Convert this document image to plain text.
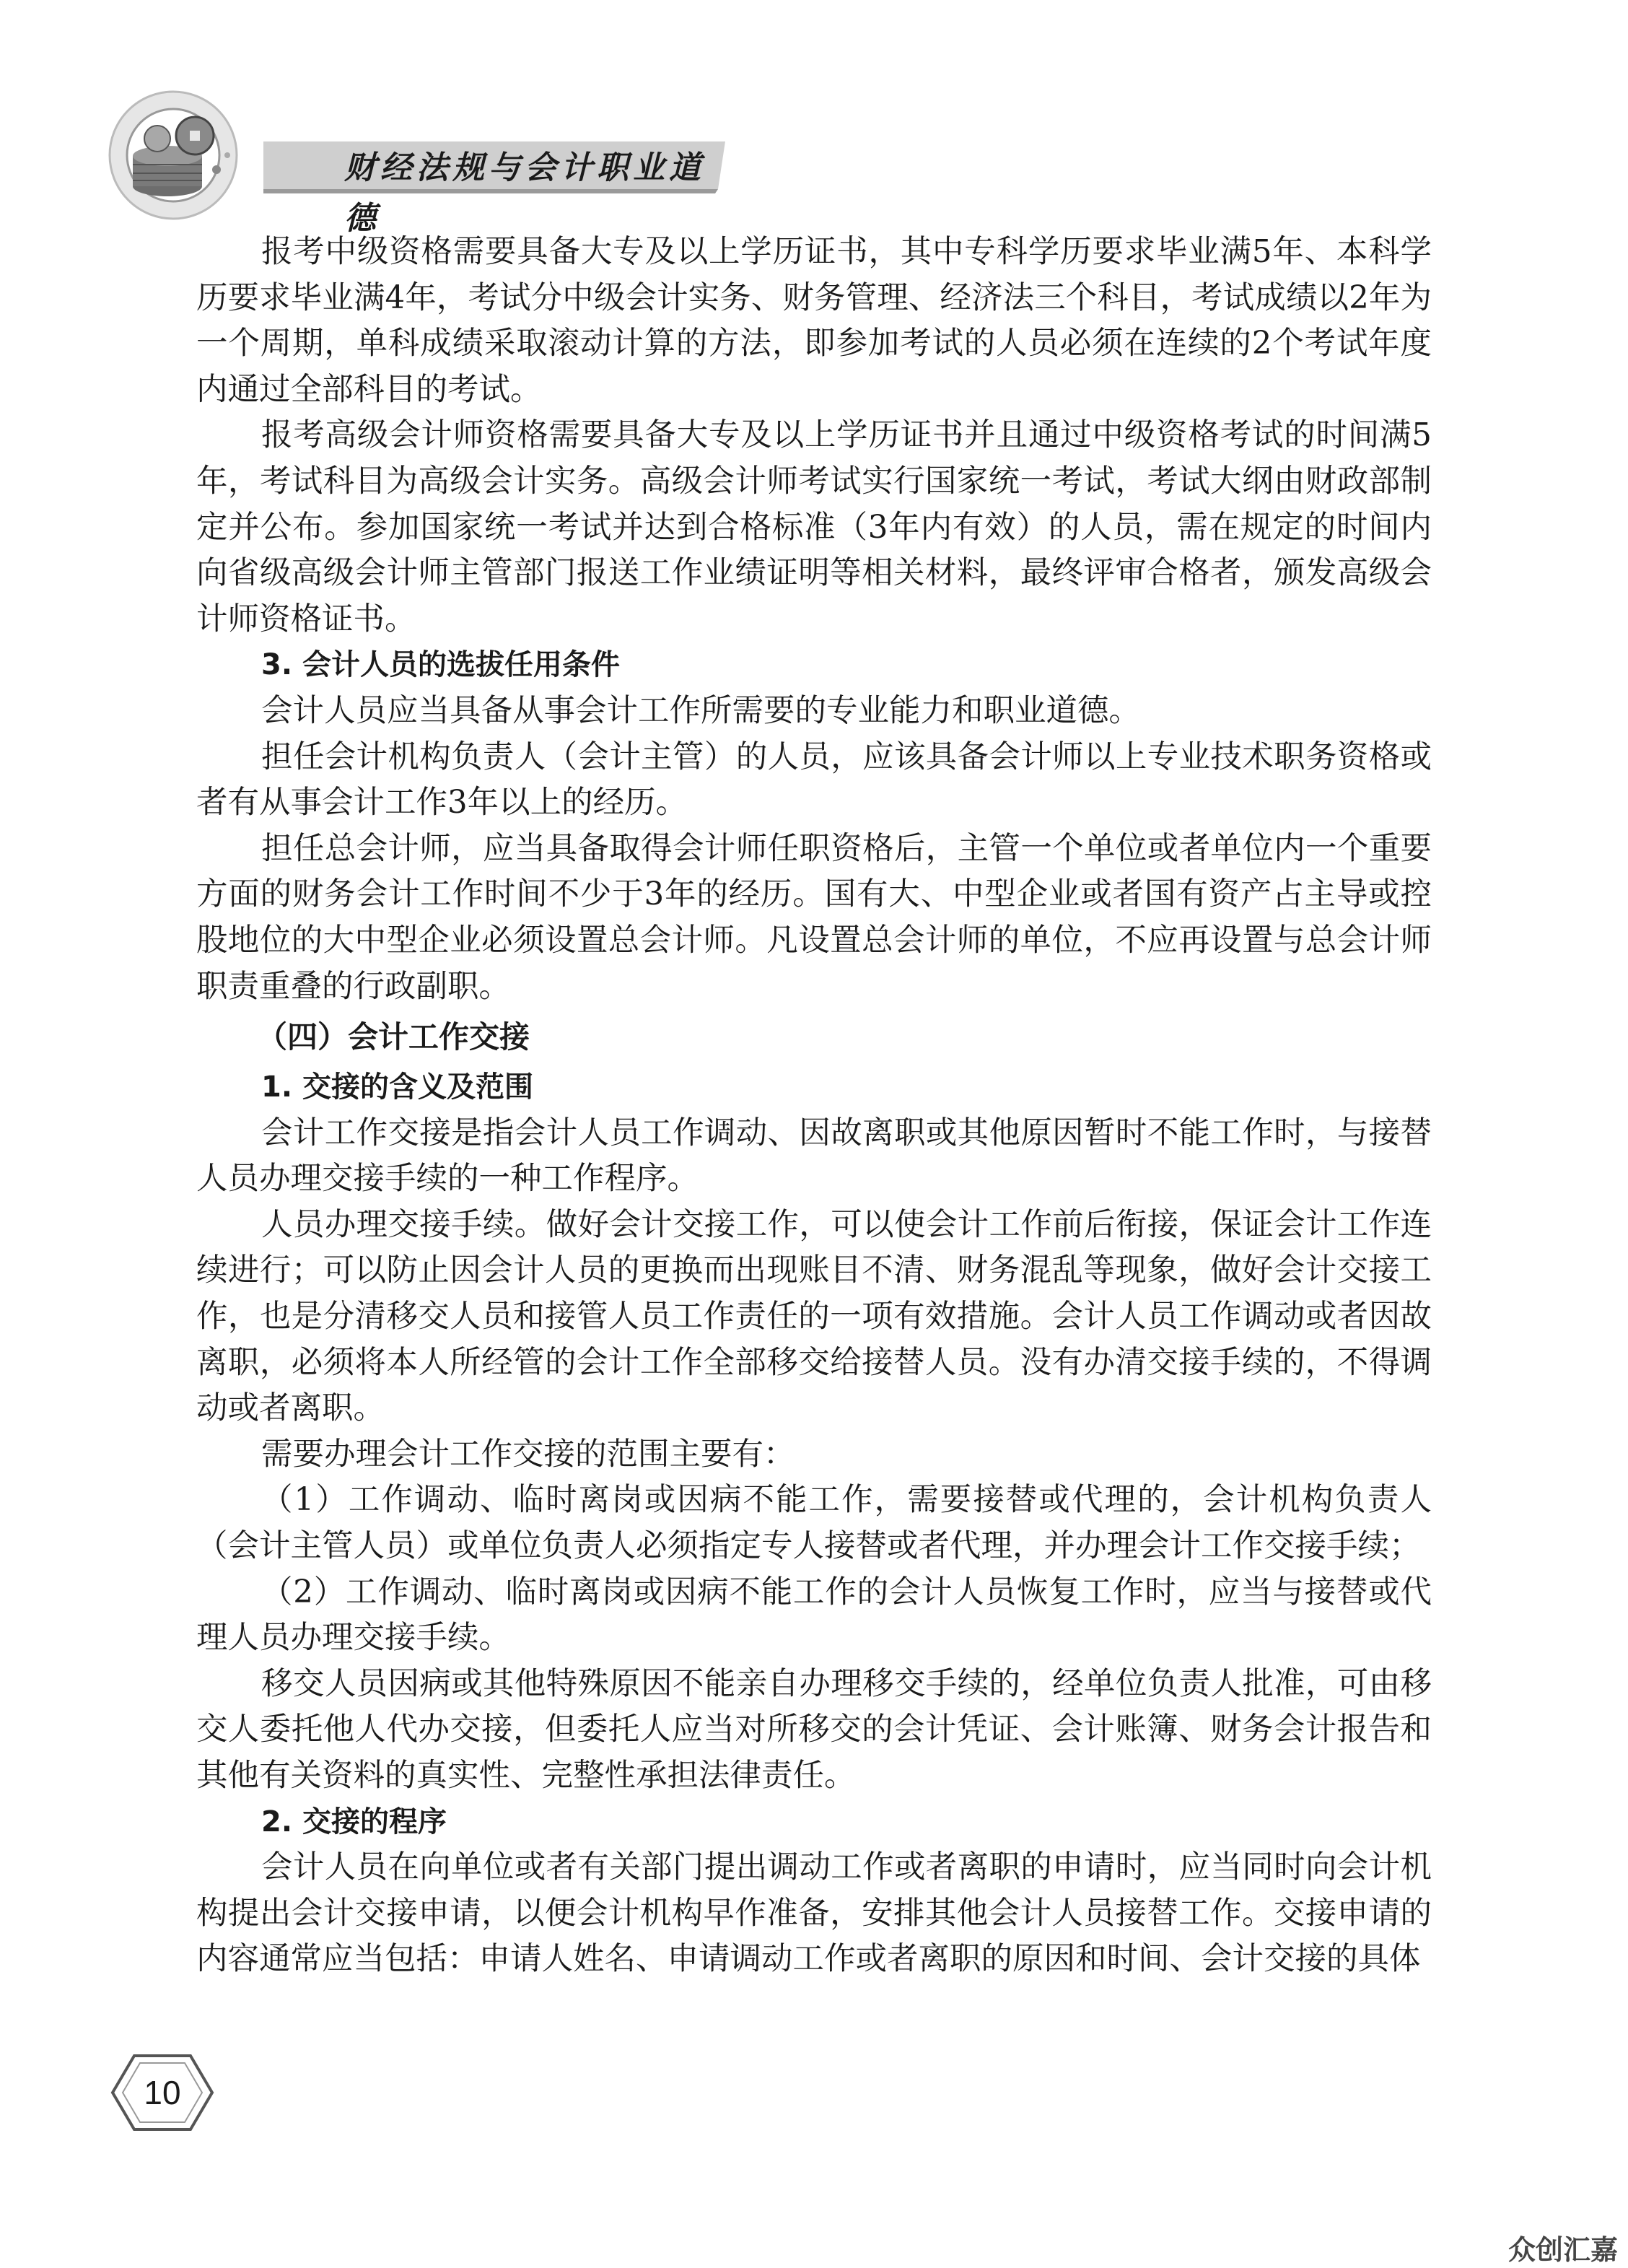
财经法规与会计职业道德

报考中级资格需要具备大专及以上学历证书，其中专科学历要求毕业满5年、本科学历要求毕业满4年，考试分中级会计实务、财务管理、经济法三个科目，考试成绩以2年为一个周期，单科成绩采取滚动计算的方法，即参加考试的人员必须在连续的2个考试年度内通过全部科目的考试。

报考高级会计师资格需要具备大专及以上学历证书并且通过中级资格考试的时间满5年，考试科目为高级会计实务。高级会计师考试实行国家统一考试，考试大纲由财政部制定并公布。参加国家统一考试并达到合格标准（3年内有效）的人员，需在规定的时间内向省级高级会计师主管部门报送工作业绩证明等相关材料，最终评审合格者，颁发高级会计师资格证书。

3. 会计人员的选拔任用条件

会计人员应当具备从事会计工作所需要的专业能力和职业道德。

担任会计机构负责人（会计主管）的人员，应该具备会计师以上专业技术职务资格或者有从事会计工作3年以上的经历。

担任总会计师，应当具备取得会计师任职资格后，主管一个单位或者单位内一个重要方面的财务会计工作时间不少于3年的经历。国有大、中型企业或者国有资产占主导或控股地位的大中型企业必须设置总会计师。凡设置总会计师的单位，不应再设置与总会计师职责重叠的行政副职。

（四）会计工作交接

1. 交接的含义及范围

会计工作交接是指会计人员工作调动、因故离职或其他原因暂时不能工作时，与接替人员办理交接手续的一种工作程序。

人员办理交接手续。做好会计交接工作，可以使会计工作前后衔接，保证会计工作连续进行；可以防止因会计人员的更换而出现账目不清、财务混乱等现象，做好会计交接工作，也是分清移交人员和接管人员工作责任的一项有效措施。会计人员工作调动或者因故离职，必须将本人所经管的会计工作全部移交给接替人员。没有办清交接手续的，不得调动或者离职。

需要办理会计工作交接的范围主要有：

（1）工作调动、临时离岗或因病不能工作，需要接替或代理的，会计机构负责人（会计主管人员）或单位负责人必须指定专人接替或者代理，并办理会计工作交接手续；

（2）工作调动、临时离岗或因病不能工作的会计人员恢复工作时，应当与接替或代理人员办理交接手续。

移交人员因病或其他特殊原因不能亲自办理移交手续的，经单位负责人批准，可由移交人委托他人代办交接，但委托人应当对所移交的会计凭证、会计账簿、财务会计报告和其他有关资料的真实性、完整性承担法律责任。

2. 交接的程序

会计人员在向单位或者有关部门提出调动工作或者离职的申请时，应当同时向会计机构提出会计交接申请，以便会计机构早作准备，安排其他会计人员接替工作。交接申请的内容通常应当包括：申请人姓名、申请调动工作或者离职的原因和时间、会计交接的具体

10
众创汇嘉
